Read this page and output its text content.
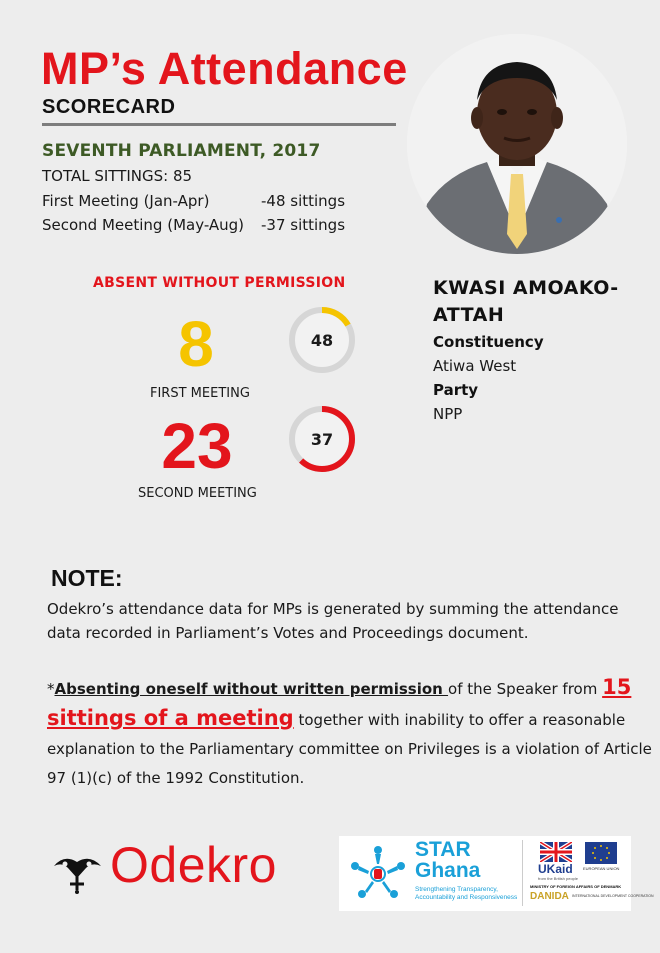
MP’s Attendance
SCORECARD
SEVENTH PARLIAMENT, 2017
TOTAL SITTINGS: 85
First Meeting (Jan-Apr)	-48 sittings
Second Meeting (May-Aug) -37 sittings
ABSENT WITHOUT PERMISSION
8
FIRST MEETING
48
23
SECOND MEETING
37
KWASI AMOAKO-
ATTAH
Constituency
Atiwa West
Party
NPP
NOTE:
Odekro’s attendance data for MPs is generated by summing the attendance data recorded in Parliament’s Votes and Proceedings document.
*Absenting oneself without written permission of the Speaker from 15 sittings of a meeting together with inability to offer a reasonable explanation to the Parliamentary committee on Privileges is a violation of Article 97 (1)(c) of the 1992 Constitution.
Odekro	STAR
Ghana
Strengthening Transparency,
Accountability and Responsiveness
UKaid
from the British people
EUROPEAN UNION
MINISTRY OF FOREIGN AFFAIRS OF DENMARK
DANIDA INTERNATIONAL DEVELOPMENT COOPERATION
